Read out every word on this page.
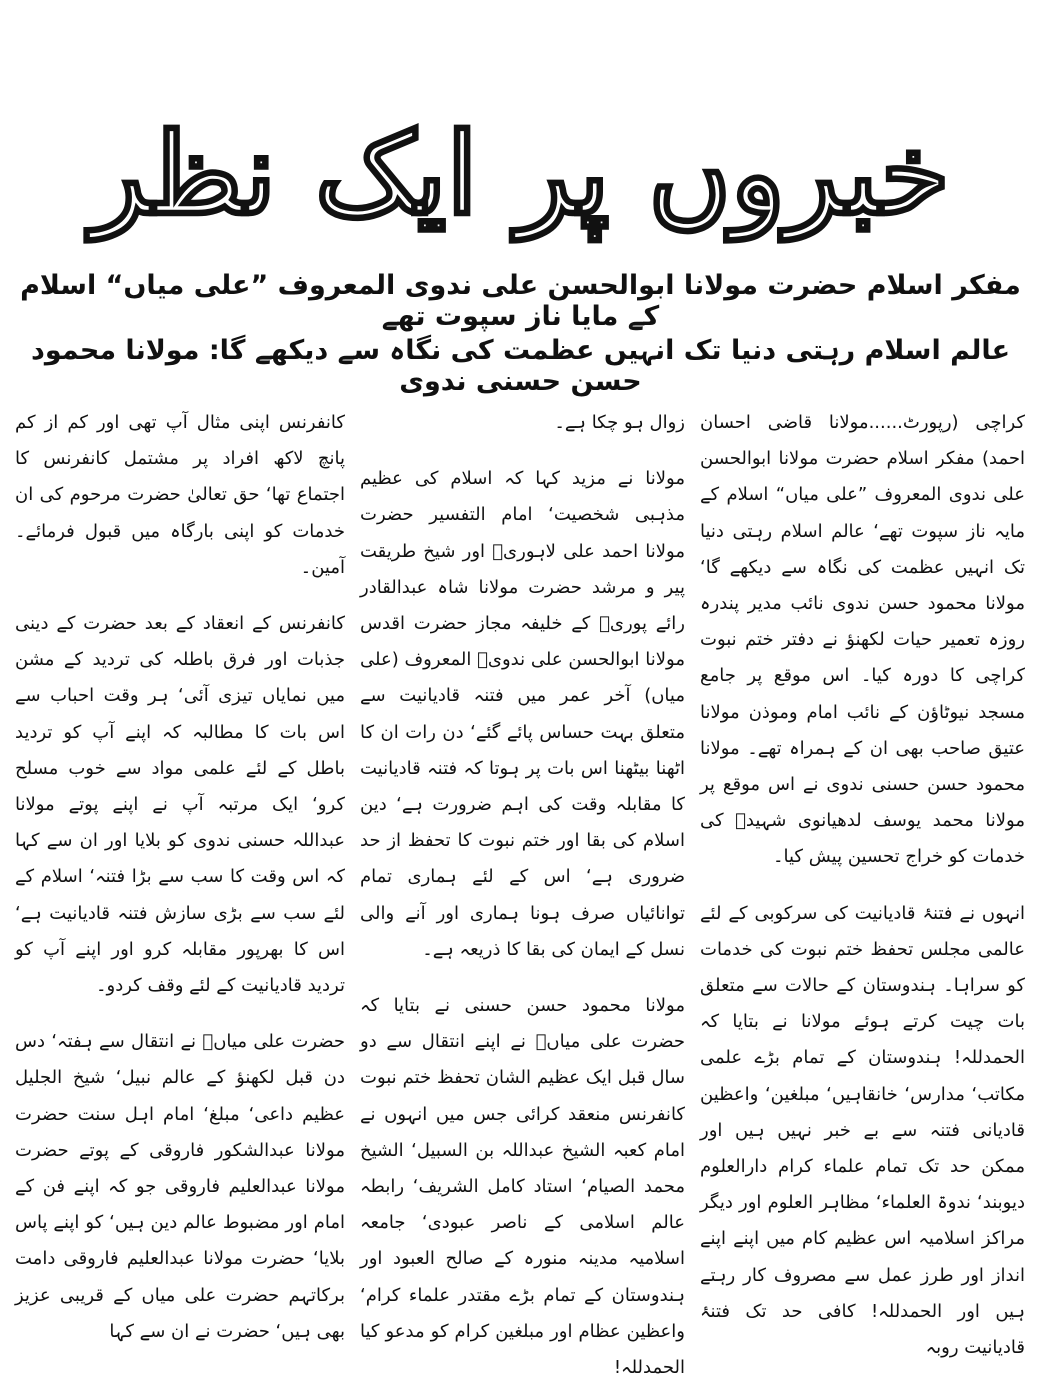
خبروں پر ایک نظر
مفکر اسلام حضرت مولانا ابوالحسن علی ندوی المعروف ”علی میاں“ اسلام کے مایا ناز سپوت تھے
عالم اسلام رہتی دنیا تک انہیں عظمت کی نگاہ سے دیکھے گا: مولانا محمود حسن حسنی ندوی

کراچی (رپورٹ......مولانا قاضی احسان احمد) مفکر اسلام حضرت مولانا ابوالحسن علی ندوی المعروف ”علی میاں“ اسلام کے مایہ ناز سپوت تھے‘ عالم اسلام رہتی دنیا تک انہیں عظمت کی نگاہ سے دیکھے گا‘ مولانا محمود حسن ندوی نائب مدیر پندرہ روزہ تعمیر حیات لکھنؤ نے دفتر ختم نبوت کراچی کا دورہ کیا۔ اس موقع پر جامع مسجد نیوٹاؤن کے نائب امام وموذن مولانا عتیق صاحب بھی ان کے ہمراہ تھے۔ مولانا محمود حسن حسنی ندوی نے اس موقع پر مولانا محمد یوسف لدھیانوی شہیدؒ کی خدمات کو خراج تحسین پیش کیا۔

انہوں نے فتنۂ قادیانیت کی سرکوبی کے لئے عالمی مجلس تحفظ ختم نبوت کی خدمات کو سراہا۔ ہندوستان کے حالات سے متعلق بات چیت کرتے ہوئے مولانا نے بتایا کہ الحمدللہ! ہندوستان کے تمام بڑے علمی مکاتب‘ مدارس‘ خانقاہیں‘ مبلغین‘ واعظین قادیانی فتنہ سے بے خبر نہیں ہیں اور ممکن حد تک تمام علماء کرام دارالعلوم دیوبند‘ ندوۃ العلماء‘ مظاہر العلوم اور دیگر مراکز اسلامیہ اس عظیم کام میں اپنے اپنے انداز اور طرز عمل سے مصروف کار رہتے ہیں اور الحمدللہ! کافی حد تک فتنۂ قادیانیت روبہ

زوال ہو چکا ہے۔

مولانا نے مزید کہا کہ اسلام کی عظیم مذہبی شخصیت‘ امام التفسیر حضرت مولانا احمد علی لاہوریؒ اور شیخ طریقت پیر و مرشد حضرت مولانا شاہ عبدالقادر رائے پوریؒ کے خلیفہ مجاز حضرت اقدس مولانا ابوالحسن علی ندویؒ المعروف (علی میاں) آخر عمر میں فتنہ قادیانیت سے متعلق بہت حساس پائے گئے‘ دن رات ان کا اٹھنا بیٹھنا اس بات پر ہوتا کہ فتنہ قادیانیت کا مقابلہ وقت کی اہم ضرورت ہے‘ دین اسلام کی بقا اور ختم نبوت کا تحفظ از حد ضروری ہے‘ اس کے لئے ہماری تمام توانائیاں صرف ہونا ہماری اور آنے والی نسل کے ایمان کی بقا کا ذریعہ ہے۔

مولانا محمود حسن حسنی نے بتایا کہ حضرت علی میاںؒ نے اپنے انتقال سے دو سال قبل ایک عظیم الشان تحفظ ختم نبوت کانفرنس منعقد کرائی جس میں انہوں نے امام کعبہ الشیخ عبداللہ بن السبیل‘ الشیخ محمد الصیام‘ استاد کامل الشریف‘ رابطہ عالم اسلامی کے ناصر عبودی‘ جامعہ اسلامیہ مدینہ منورہ کے صالح العبود اور ہندوستان کے تمام بڑے مقتدر علماء کرام‘ واعظین عظام اور مبلغین کرام کو مدعو کیا الحمدللہ!

کانفرنس اپنی مثال آپ تھی اور کم از کم پانچ لاکھ افراد پر مشتمل کانفرنس کا اجتماع تھا‘ حق تعالیٰ حضرت مرحوم کی ان خدمات کو اپنی بارگاہ میں قبول فرمائے۔ آمین۔

کانفرنس کے انعقاد کے بعد حضرت کے دینی جذبات اور فرق باطلہ کی تردید کے مشن میں نمایاں تیزی آئی‘ ہر وقت احباب سے اس بات کا مطالبہ کہ اپنے آپ کو تردید باطل کے لئے علمی مواد سے خوب مسلح کرو‘ ایک مرتبہ آپ نے اپنے پوتے مولانا عبداللہ حسنی ندوی کو بلایا اور ان سے کہا کہ اس وقت کا سب سے بڑا فتنہ‘ اسلام کے لئے سب سے بڑی سازش فتنہ قادیانیت ہے‘ اس کا بھرپور مقابلہ کرو اور اپنے آپ کو تردید قادیانیت کے لئے وقف کردو۔

حضرت علی میاںؒ نے انتقال سے ہفتہ‘ دس دن قبل لکھنؤ کے عالم نبیل‘ شیخ الجلیل عظیم داعی‘ مبلغ‘ امام اہل سنت حضرت مولانا عبدالشکور فاروقی کے پوتے حضرت مولانا عبدالعلیم فاروقی جو کہ اپنے فن کے امام اور مضبوط عالم دین ہیں‘ کو اپنے پاس بلایا‘ حضرت مولانا عبدالعلیم فاروقی دامت برکاتہم حضرت علی میاں کے قریبی عزیز بھی ہیں‘ حضرت نے ان سے کہا
